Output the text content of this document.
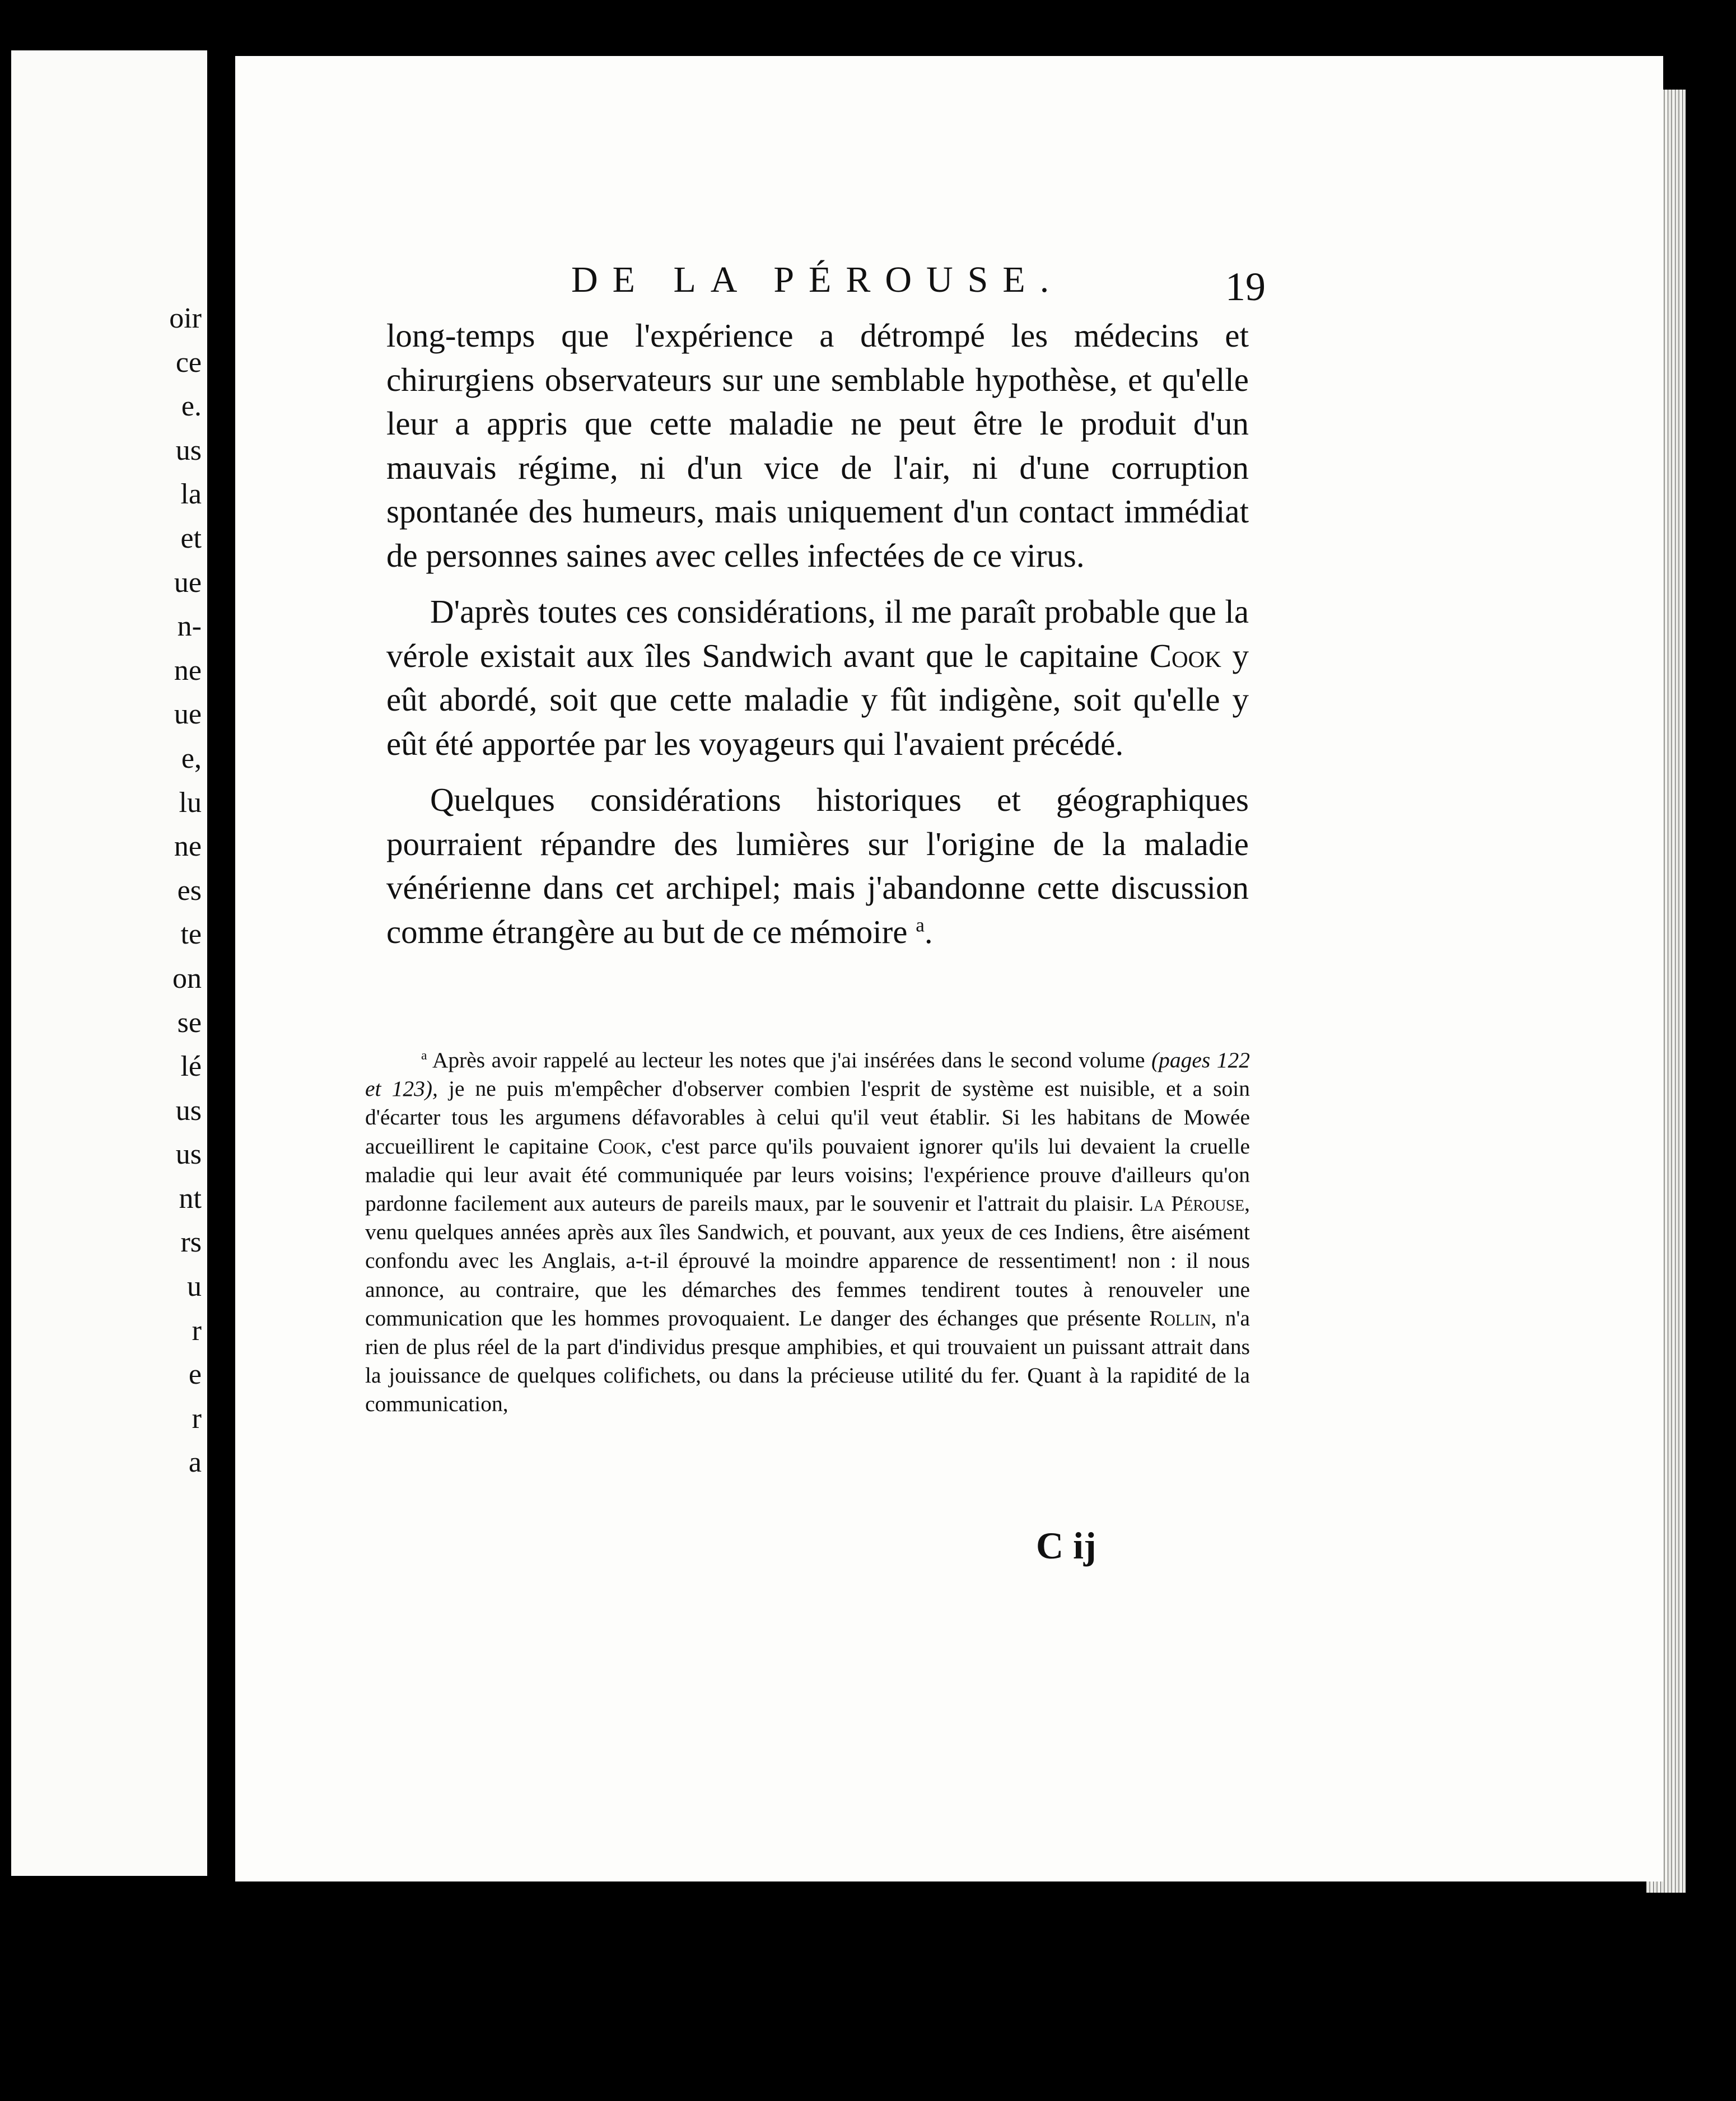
oir
ce
e.
us
la
et
ue
n-
ne
ue
e,
lu
ne
es
te
on
se
lé
us
us
nt
rs
u
r
e
r
a
DE LA PÉROUSE.	19

long-temps que l'expérience a détrompé les médecins et chirurgiens observateurs sur une semblable hypothèse, et qu'elle leur a appris que cette maladie ne peut être le produit d'un mauvais régime, ni d'un vice de l'air, ni d'une corruption spontanée des humeurs, mais uniquement d'un contact immédiat de personnes saines avec celles infectées de ce virus.

D'après toutes ces considérations, il me paraît probable que la vérole existait aux îles Sandwich avant que le capitaine Cook y eût abordé, soit que cette maladie y fût indigène, soit qu'elle y eût été apportée par les voyageurs qui l'avaient précédé.

Quelques considérations historiques et géographiques pourraient répandre des lumières sur l'origine de la maladie vénérienne dans cet archipel; mais j'abandonne cette discussion comme étrangère au but de ce mémoire $^a$.

$^a$ Après avoir rappelé au lecteur les notes que j'ai insérées dans le second volume (pages 122 et 123), je ne puis m'empêcher d'observer combien l'esprit de système est nuisible, et a soin d'écarter tous les argumens défavorables à celui qu'il veut établir. Si les habitans de Mowée accueillirent le capitaine Cook, c'est parce qu'ils pouvaient ignorer qu'ils lui devaient la cruelle maladie qui leur avait été communiquée par leurs voisins; l'expérience prouve d'ailleurs qu'on pardonne facilement aux auteurs de pareils maux, par le souvenir et l'attrait du plaisir. La Pérouse, venu quelques années après aux îles Sandwich, et pouvant, aux yeux de ces Indiens, être aisément confondu avec les Anglais, a-t-il éprouvé la moindre apparence de ressentiment! non : il nous annonce, au contraire, que les démarches des femmes tendirent toutes à renouveler une communication que les hommes provoquaient. Le danger des échanges que présente Rollin, n'a rien de plus réel de la part d'individus presque amphibies, et qui trouvaient un puissant attrait dans la jouissance de quelques colifichets, ou dans la précieuse utilité du fer. Quant à la rapidité de la communication,

C ij
